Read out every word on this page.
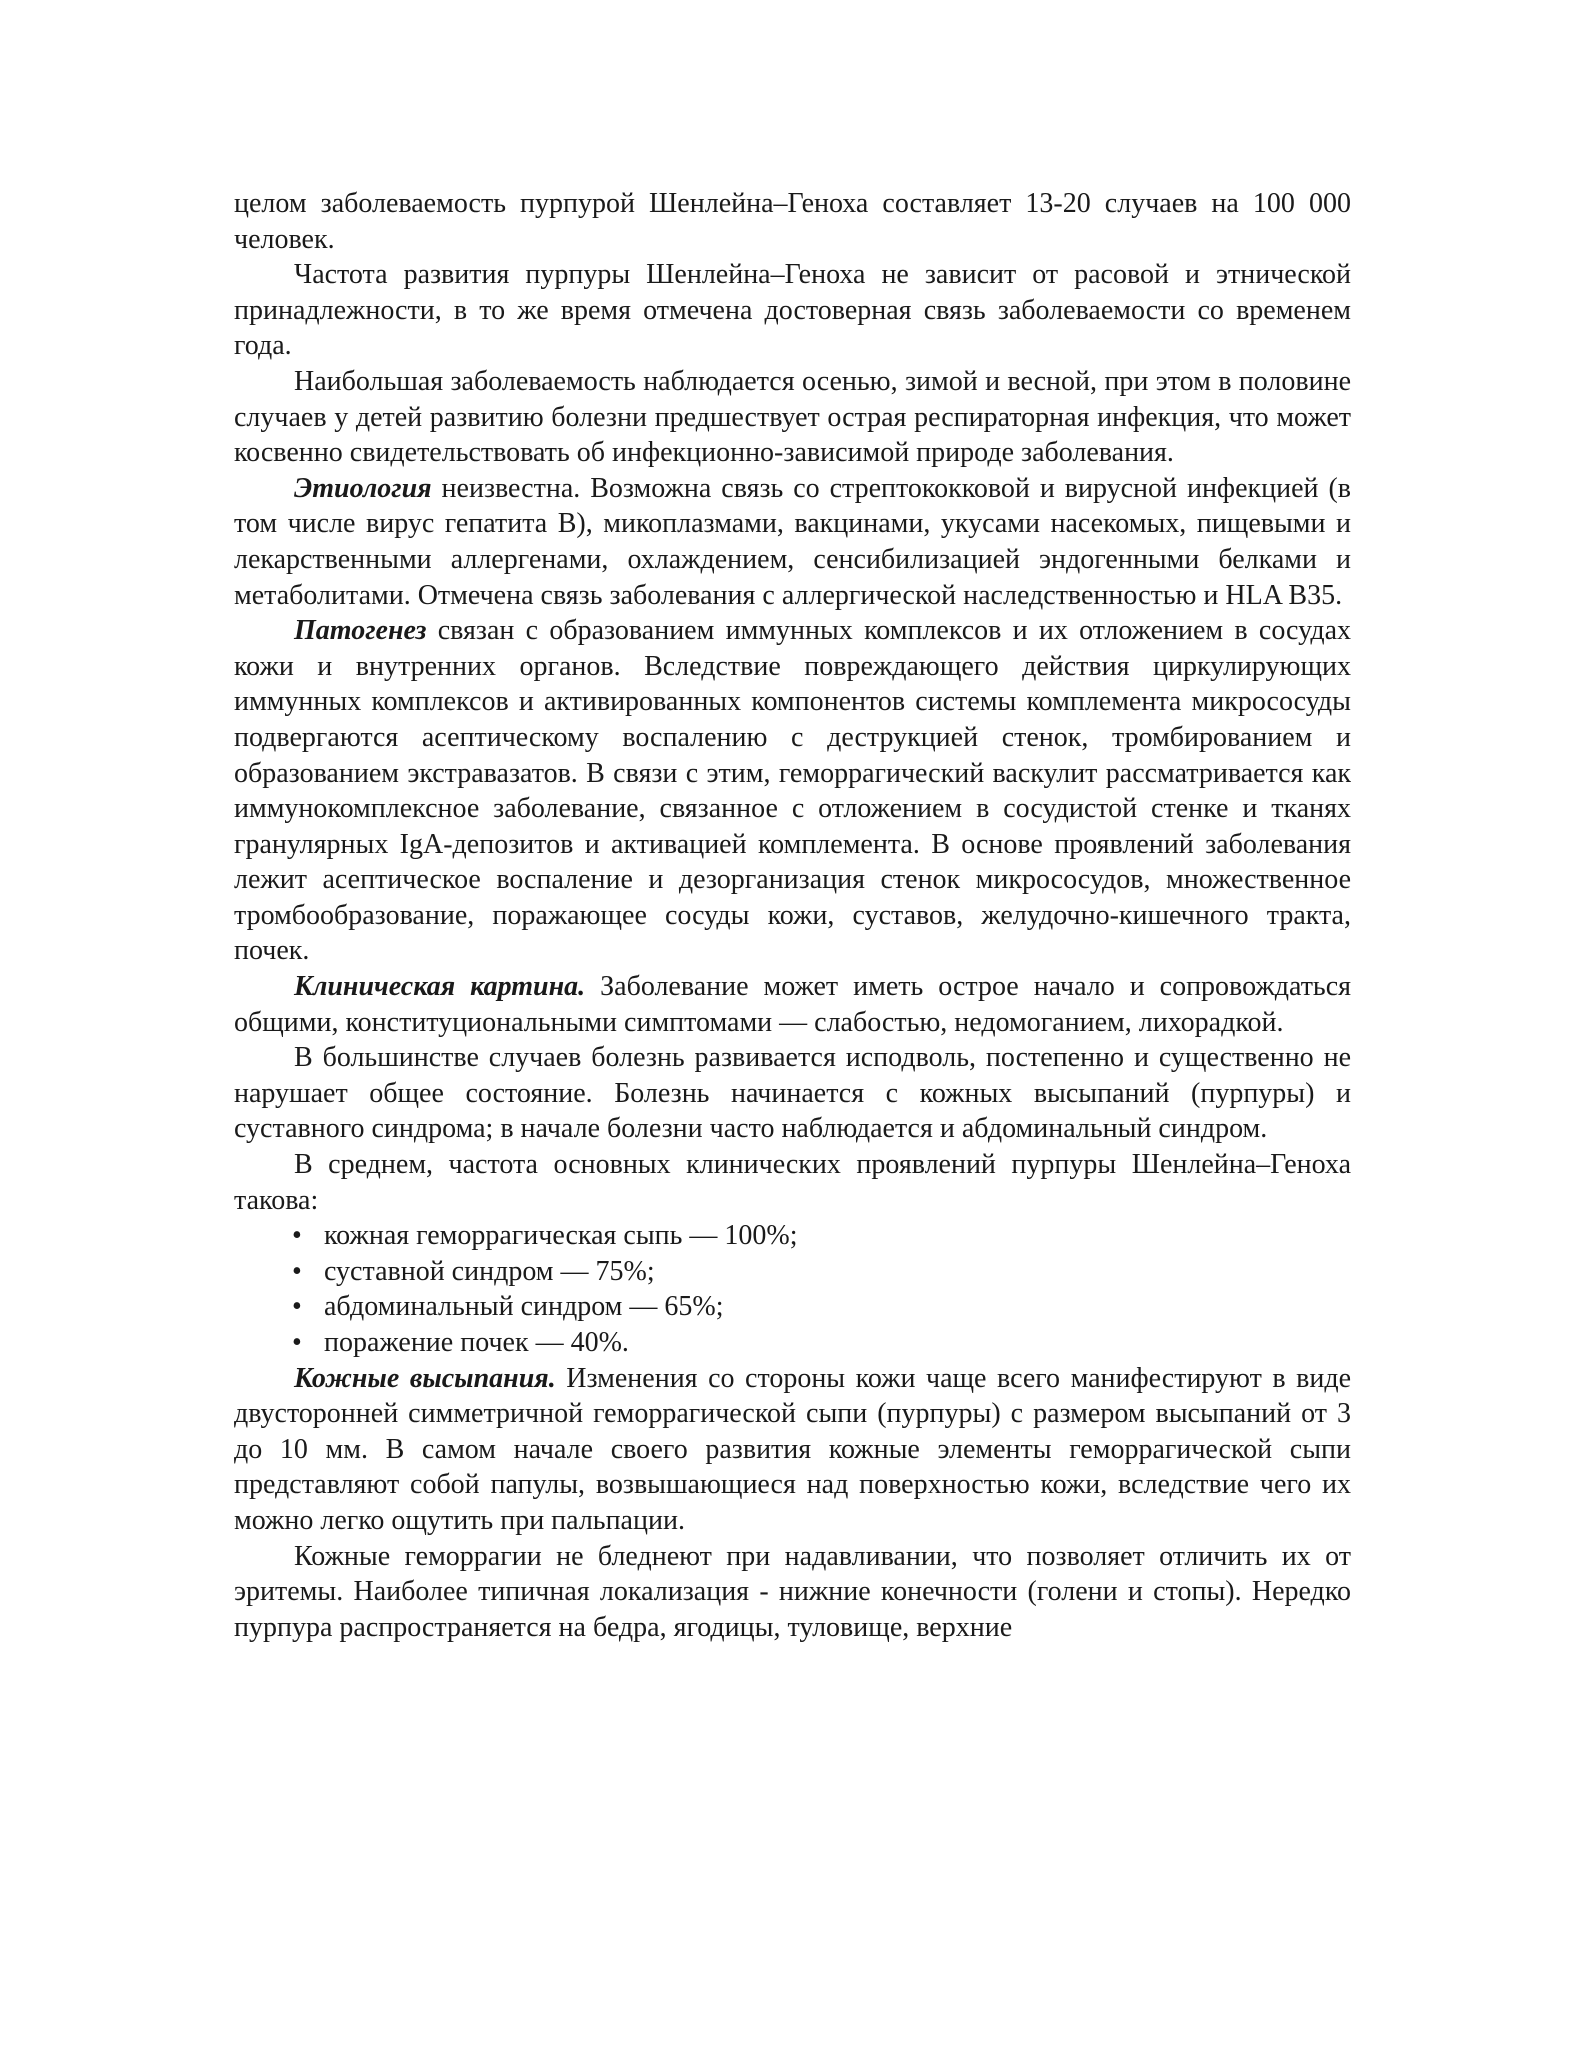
целом заболеваемость пурпурой Шенлейна–Геноха составляет 13-20 случаев на 100 000 человек.

Частота развития пурпуры Шенлейна–Геноха не зависит от расовой и этнической принадлежности, в то же время отмечена достоверная связь заболеваемости со временем года.

Наибольшая заболеваемость наблюдается осенью, зимой и весной, при этом в половине случаев у детей развитию болезни предшествует острая респираторная инфекция, что может косвенно свидетельствовать об инфекционно-зависимой природе заболевания.

Этиология неизвестна. Возможна связь со стрептококковой и вирусной инфекцией (в том числе вирус гепатита В), микоплазмами, вакцинами, укусами насекомых, пищевыми и лекарственными аллергенами, охлаждением, сенсибилизацией эндогенными белками и метаболитами. Отмечена связь заболевания с аллергической наследственностью и HLA B35.

Патогенез связан с образованием иммунных комплексов и их отложением в сосудах кожи и внутренних органов. Вследствие повреждающего действия циркулирующих иммунных комплексов и активированных компонентов системы комплемента микрососуды подвергаются асептическому воспалению с деструкцией стенок, тромбированием и образованием экстравазатов. В связи с этим, геморрагический васкулит рассматривается как иммунокомплексное заболевание, связанное с отложением в сосудистой стенке и тканях гранулярных IgA-депозитов и активацией комплемента. В основе проявлений заболевания лежит асептическое воспаление и дезорганизация стенок микрососудов, множественное тромбообразование, поражающее сосуды кожи, суставов, желудочно-кишечного тракта, почек.

Клиническая картина. Заболевание может иметь острое начало и сопровождаться общими, конституциональными симптомами — слабостью, недомоганием, лихорадкой.

В большинстве случаев болезнь развивается исподволь, постепенно и существенно не нарушает общее состояние. Болезнь начинается с кожных высыпаний (пурпуры) и суставного синдрома; в начале болезни часто наблюдается и абдоминальный синдром.

В среднем, частота основных клинических проявлений пурпуры Шенлейна–Геноха такова:

• кожная геморрагическая сыпь — 100%;
• суставной синдром — 75%;
• абдоминальный синдром — 65%;
• поражение почек — 40%.

Кожные высыпания. Изменения со стороны кожи чаще всего манифестируют в виде двусторонней симметричной геморрагической сыпи (пурпуры) с размером высыпаний от 3 до 10 мм. В самом начале своего развития кожные элементы геморрагической сыпи представляют собой папулы, возвышающиеся над поверхностью кожи, вследствие чего их можно легко ощутить при пальпации.

Кожные геморрагии не бледнеют при надавливании, что позволяет отличить их от эритемы. Наиболее типичная локализация - нижние конечности (голени и стопы). Нередко пурпура распространяется на бедра, ягодицы, туловище, верхние
